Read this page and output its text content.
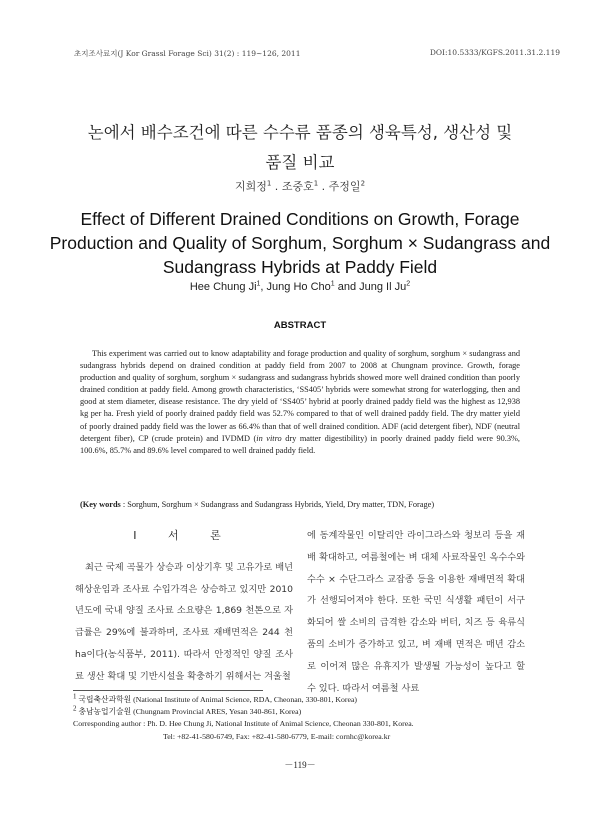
초지조사료지(J Kor Grassl Forage Sci) 31(2) : 119~126, 2011	DOI:10.5333/KGFS.2011.31.2.119
논에서 배수조건에 따른 수수류 품종의 생육특성, 생산성 및
품질 비교
지희정$^1$ . 조중호$^1$ . 주정일$^2$
Effect of Different Drained Conditions on Growth, Forage
Production and Quality of Sorghum, Sorghum × Sudangrass and
Sudangrass Hybrids at Paddy Field
Hee Chung Ji$^1$, Jung Ho Cho$^1$ and Jung Il Ju$^2$
ABSTRACT
This experiment was carried out to know adaptability and forage production and quality of sorghum, sorghum × sudangrass and sudangrass hybrids depend on drained condition at paddy field from 2007 to 2008 at Chungnam province. Growth, forage production and quality of sorghum, sorghum × sudangrass and sudangrass hybrids showed more well drained condition than poorly drained condition at paddy field. Among growth characteristics, ‘SS405’ hybrids were somewhat strong for waterlogging, then and good at stem diameter, disease resistance. The dry yield of ‘SS405’ hybrid at poorly drained paddy field was the highest as 12,938 kg per ha. Fresh yield of poorly drained paddy field was 52.7% compared to that of well drained paddy field. The dry matter yield of poorly drained paddy field was the lower as 66.4% than that of well drained condition. ADF (acid detergent fiber), NDF (neutral detergent fiber), CP (crude protein) and IVDMD (in vitro dry matter digestibility) in poorly drained paddy field were 90.3%, 100.6%, 85.7% and 89.6% level compared to well drained paddy field.
(Key words : Sorghum, Sorghum × Sudangrass and Sudangrass Hybrids, Yield, Dry matter, TDN, Forage)
I 서 론
최근 국제 곡물가 상승과 이상기후 및 고유가로 배넌 해상운임과 조사료 수입가격은 상승하고 있지만 2010년도에 국내 양질 조사료 소요량은 1,869 천톤으로 자급률은 29%에 불과하며, 조사료 재배면적은 244 천 ha이다(농식품부, 2011). 따라서 안정적인 양질 조사료 생산 확대 및 기반시설을 확충하기 위해서는 겨울철
에 동계작물인 이탈리안 라이그라스와 청보리 등을 재배 확대하고, 여름철에는 벼 대체 사료작물인 옥수수와 수수 × 수단그라스 교잡종 등을 이용한 재배면적 확대가 선행되어져야 한다. 또한 국민 식생활 패턴이 서구화되어 쌀 소비의 급격한 감소와 버터, 치즈 등 육류식품의 소비가 증가하고 있고, 벼 재배 면적은 매년 감소로 이어져 많은 유휴지가 발생될 가능성이 높다고 할 수 있다. 따라서 여름철 사료
$^1$ 국립축산과학원 (National Institute of Animal Science, RDA, Cheonan, 330-801, Korea)
$^2$ 충남농업기술원 (Chungnam Provincial ARES, Yesan 340-861, Korea)
Corresponding author : Ph. D. Hee Chung Ji, National Institute of Animal Science, Cheonan 330-801, Korea.
Tel: +82-41-580-6749, Fax: +82-41-580-6779, E-mail: cornhc@korea.kr
－119－
